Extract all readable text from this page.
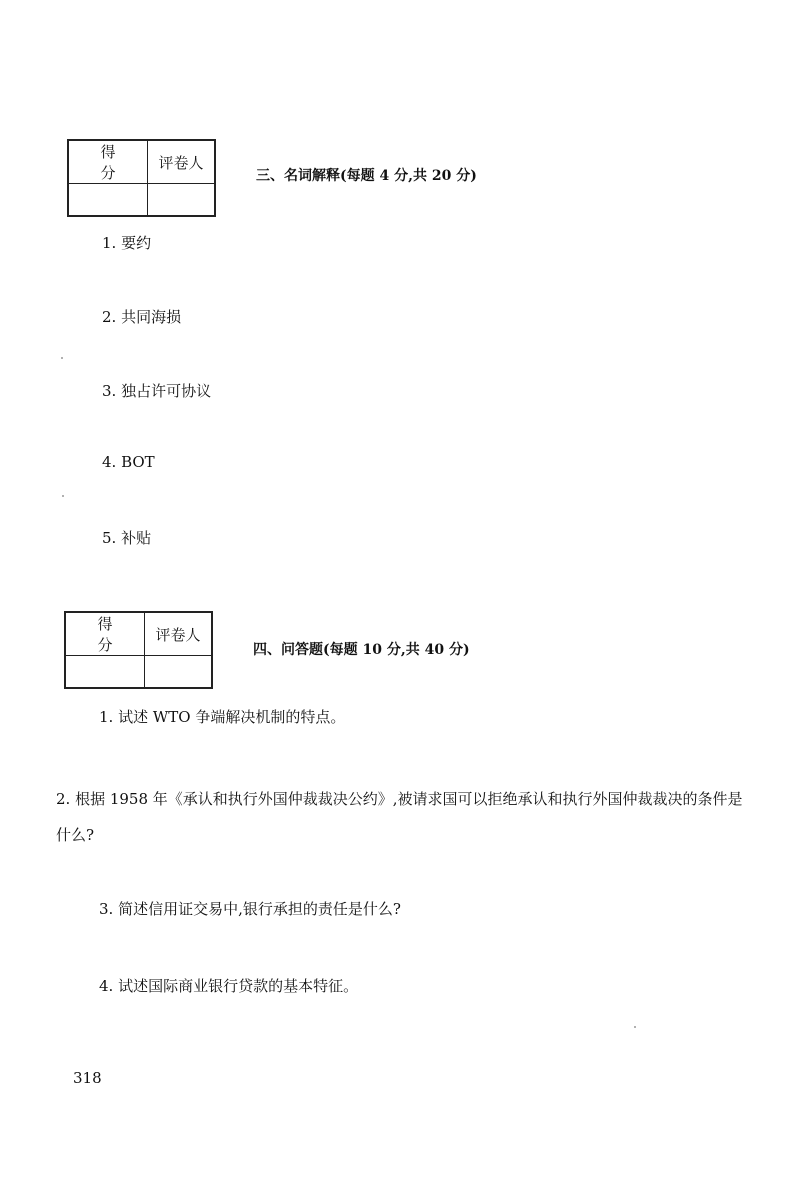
得 分	评卷人

三、名词解释(每题 4 分,共 20 分)
1. 要约
2. 共同海损
3. 独占许可协议
4. BOT
5. 补贴
得 分	评卷人

四、问答题(每题 10 分,共 40 分)
1. 试述 WTO 争端解决机制的特点。
2. 根据 1958 年《承认和执行外国仲裁裁决公约》,被请求国可以拒绝承认和执行外国仲裁裁决的条件是什么?
3. 简述信用证交易中,银行承担的责任是什么?
4. 试述国际商业银行贷款的基本特征。
318
